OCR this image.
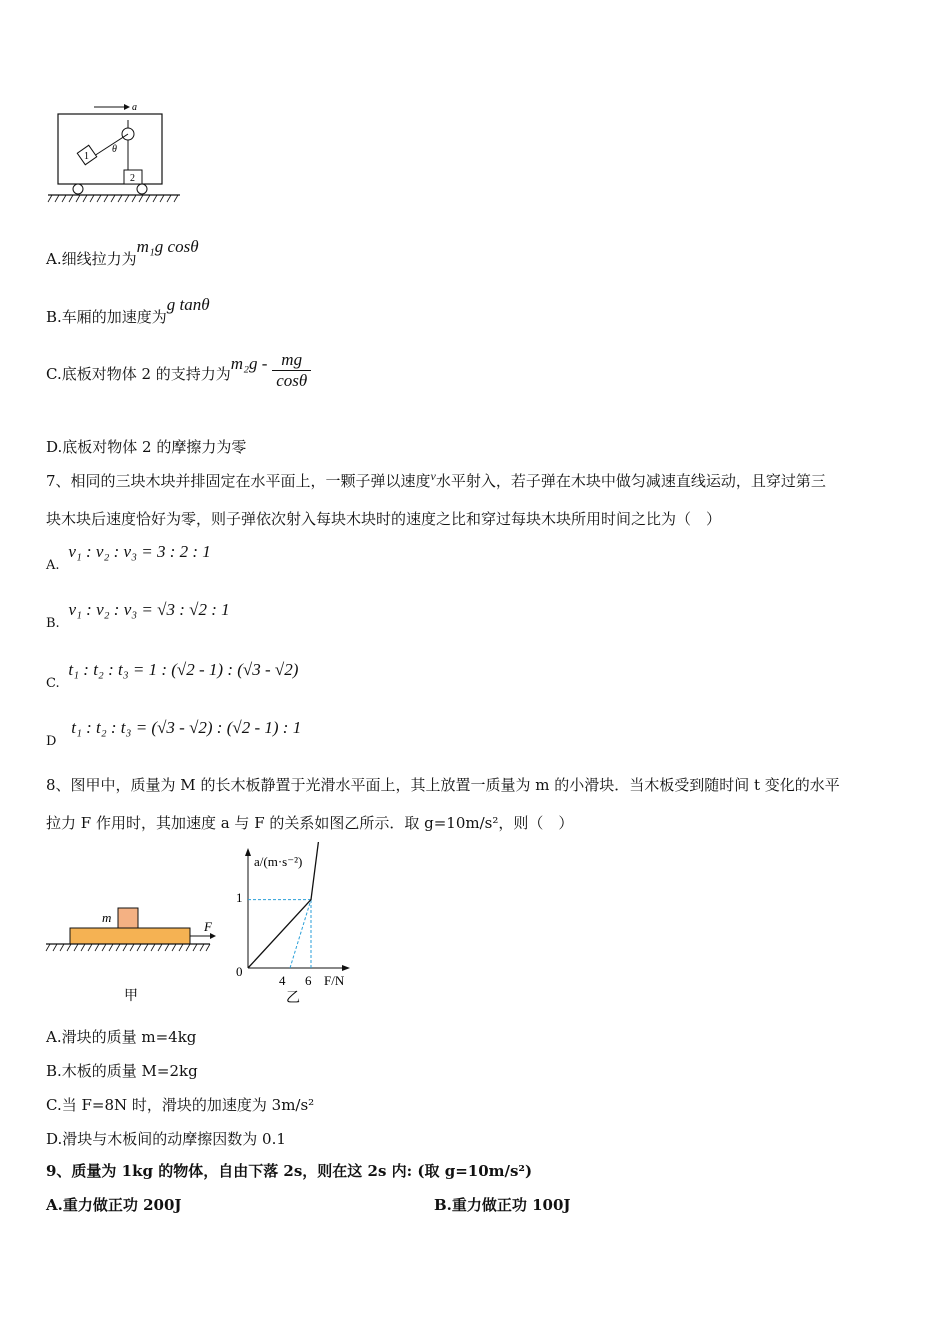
a
1
θ
2
A.细线拉力为m₁g cosθ
B.车厢的加速度为g tanθ
C.底板对物体 2 的支持力为$m_2g - \frac{mg}{\cos\theta}$
D.底板对物体 2 的摩擦力为零
7、相同的三块木块并排固定在水平面上，一颗子弹以速度$^v$水平射入，若子弹在木块中做匀减速直线运动，且穿过第三
块木块后速度恰好为零，则子弹依次射入每块木块时的速度之比和穿过每块木块所用时间之比为（　）
A. v₁ : v₂ : v₃ = 3 : 2 : 1
B. v₁ : v₂ : v₃ = √3 : √2 : 1
C. t₁ : t₂ : t₃ = 1 : (√2 - 1) : (√3 - √2)
D t₁ : t₂ : t₃ = (√3 - √2) : (√2 - 1) : 1
8、图甲中，质量为 M 的长木板静置于光滑水平面上，其上放置一质量为 m 的小滑块．当木板受到随时间 t 变化的水平
拉力 F 作用时，其加速度 a 与 F 的关系如图乙所示．取 g=10m/s²，则（　）
m
F
甲
a/(m·s⁻²)
F/N
0
4 6
1
乙
A.滑块的质量 m=4kg
B.木板的质量 M=2kg
C.当 F=8N 时，滑块的加速度为 3m/s²
D.滑块与木板间的动摩擦因数为 0.1
9、质量为 1kg 的物体，自由下落 2s，则在这 2s 内: (取 g=10m/s²)
A.重力做正功 200J	B.重力做正功 100J
